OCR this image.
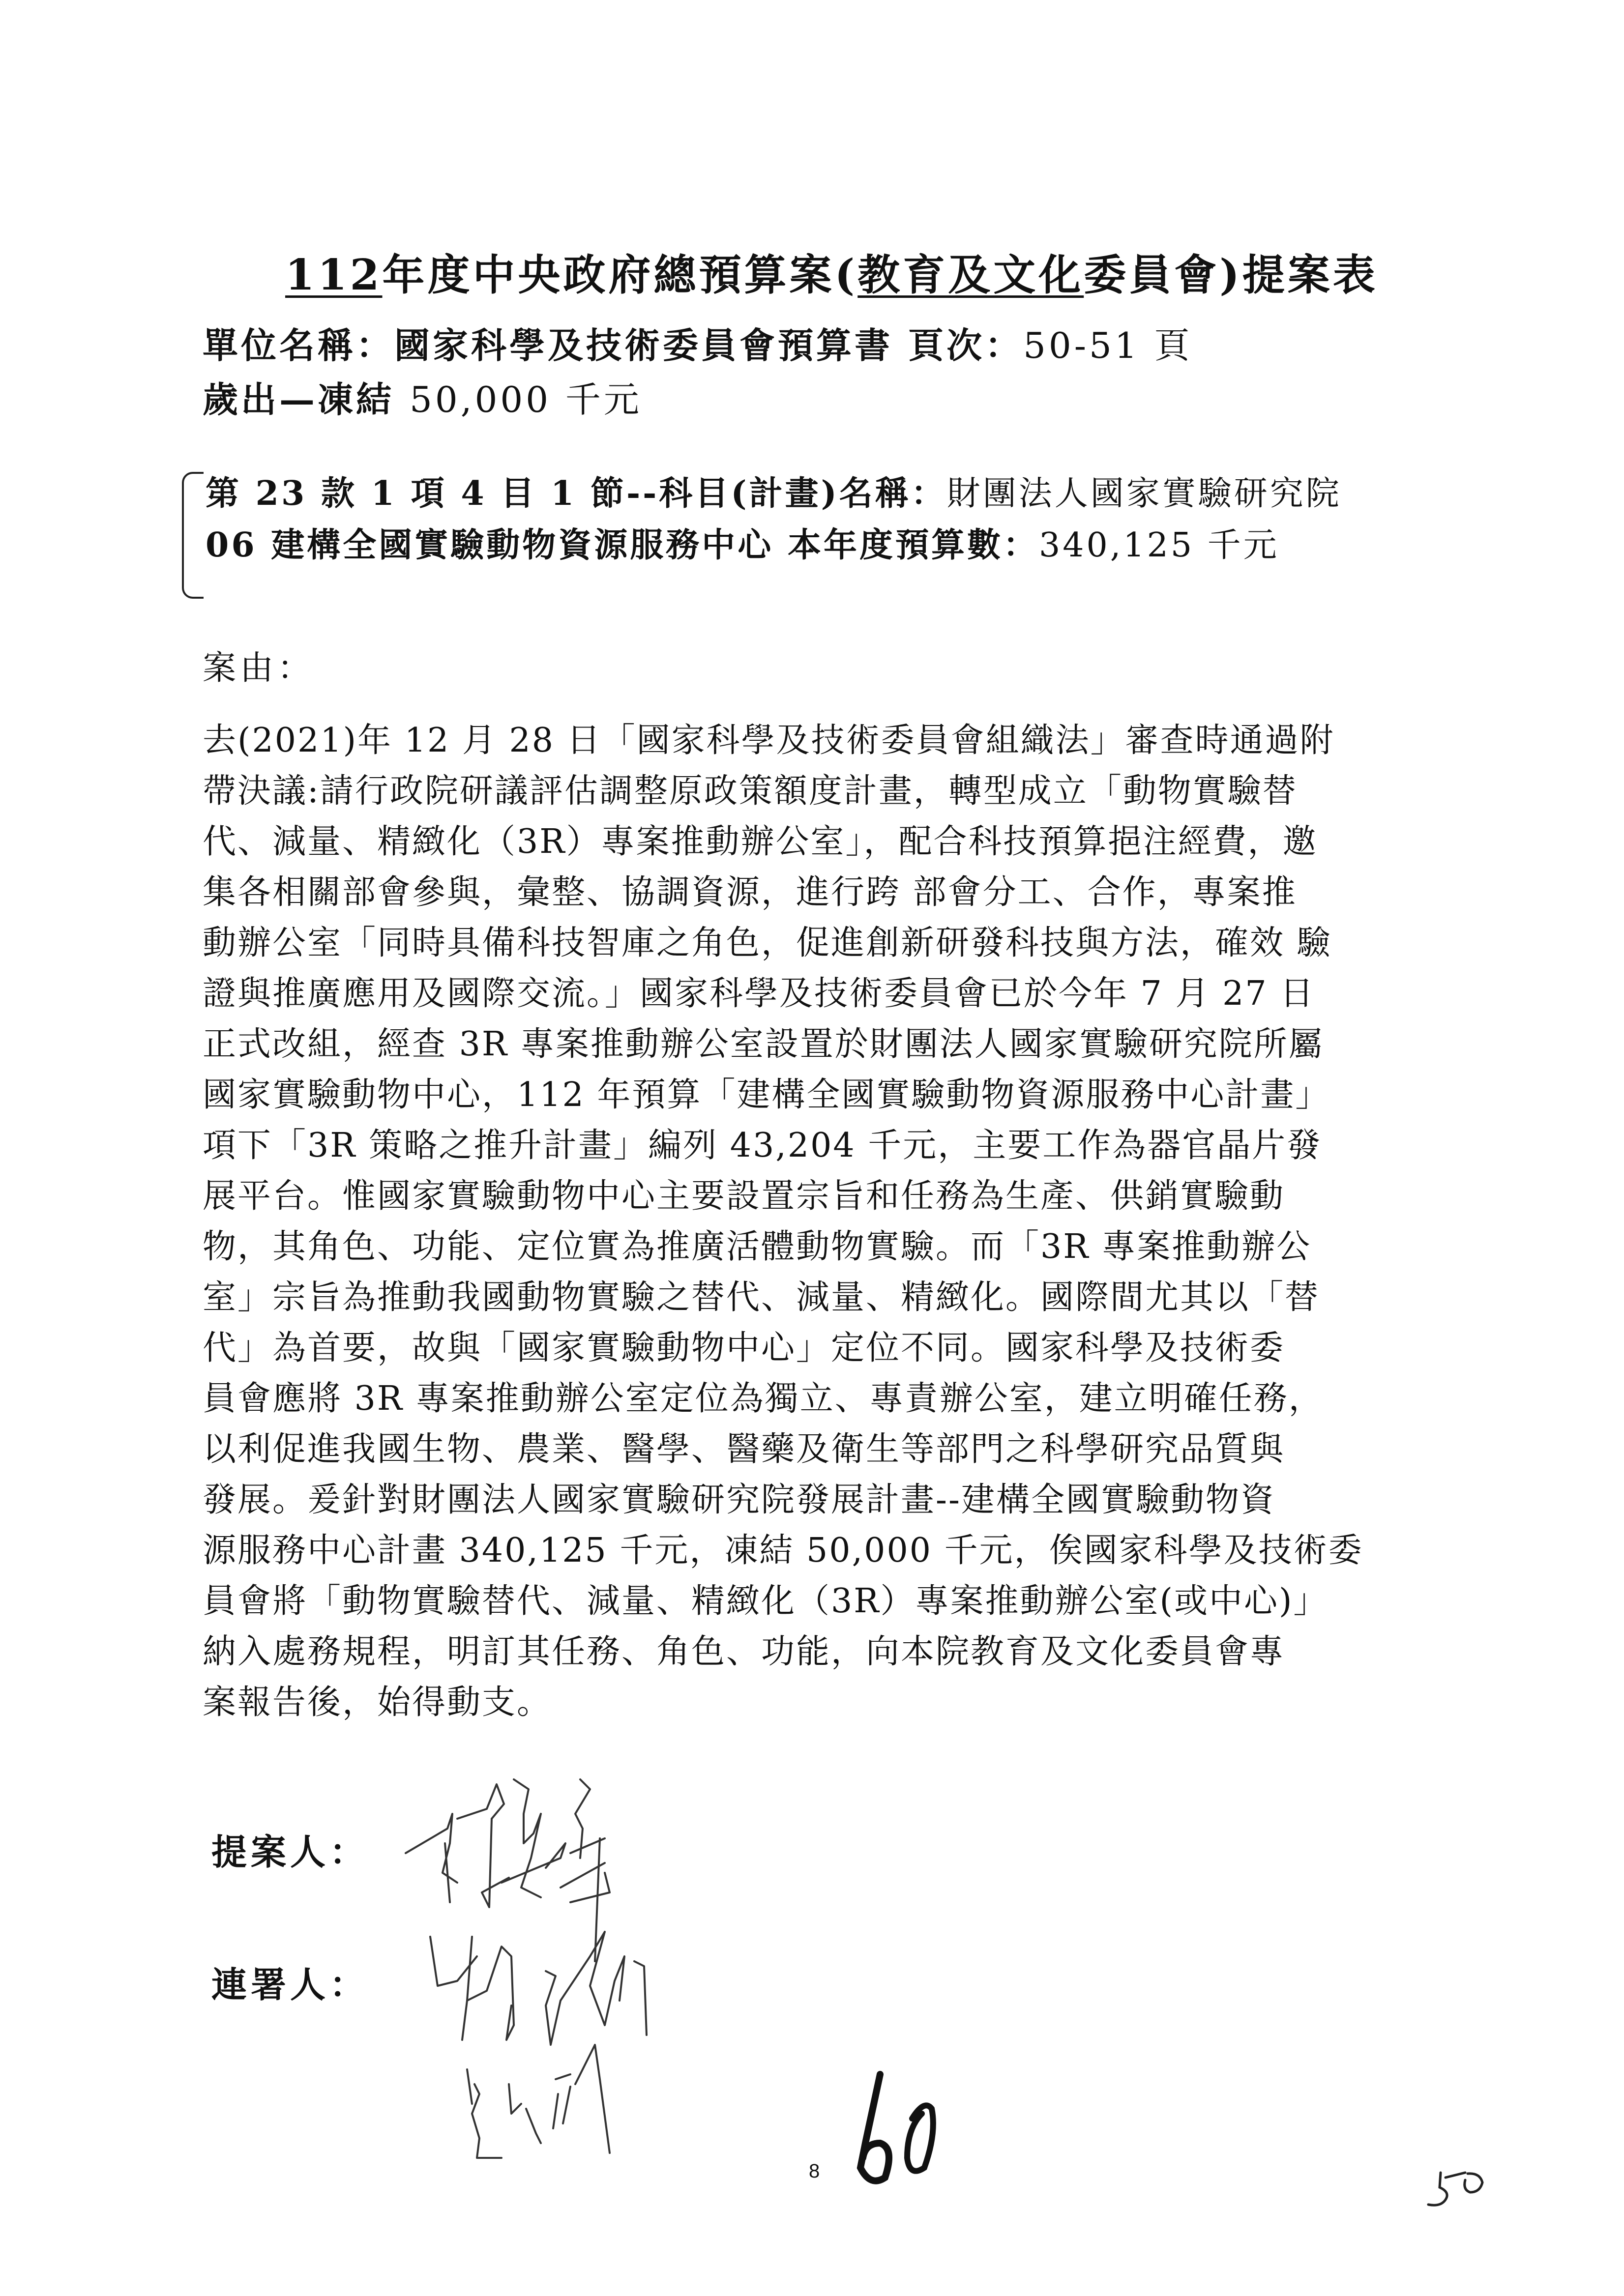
112年度中央政府總預算案(教育及文化委員會)提案表
單位名稱：國家科學及技術委員會預算書 頁次：50-51 頁
歲出—凍結 50,000 千元
第 23 款 1 項 4 目 1 節--科目(計畫)名稱：財團法人國家實驗研究院
06 建構全國實驗動物資源服務中心 本年度預算數：340,125 千元
案由：
去(2021)年 12 月 28 日「國家科學及技術委員會組織法」審查時通過附
帶決議:請行政院研議評估調整原政策額度計畫，轉型成立「動物實驗替
代、減量、精緻化（3R）專案推動辦公室」，配合科技預算挹注經費，邀
集各相關部會參與，彙整、協調資源，進行跨 部會分工、合作，專案推
動辦公室「同時具備科技智庫之角色，促進創新研發科技與方法，確效 驗
證與推廣應用及國際交流。」國家科學及技術委員會已於今年 7 月 27 日
正式改組，經查 3R 專案推動辦公室設置於財團法人國家實驗研究院所屬
國家實驗動物中心，112 年預算「建構全國實驗動物資源服務中心計畫」
項下「3R 策略之推升計畫」編列 43,204 千元，主要工作為器官晶片發
展平台。惟國家實驗動物中心主要設置宗旨和任務為生產、供銷實驗動
物，其角色、功能、定位實為推廣活體動物實驗。而「3R 專案推動辦公
室」宗旨為推動我國動物實驗之替代、減量、精緻化。國際間尤其以「替
代」為首要，故與「國家實驗動物中心」定位不同。國家科學及技術委
員會應將 3R 專案推動辦公室定位為獨立、專責辦公室，建立明確任務，
以利促進我國生物、農業、醫學、醫藥及衛生等部門之科學研究品質與
發展。爰針對財團法人國家實驗研究院發展計畫--建構全國實驗動物資
源服務中心計畫 340,125 千元，凍結 50,000 千元，俟國家科學及技術委
員會將「動物實驗替代、減量、精緻化（3R）專案推動辦公室(或中心)」
納入處務規程，明訂其任務、角色、功能，向本院教育及文化委員會專
案報告後，始得動支。
提案人：
連署人：
8
